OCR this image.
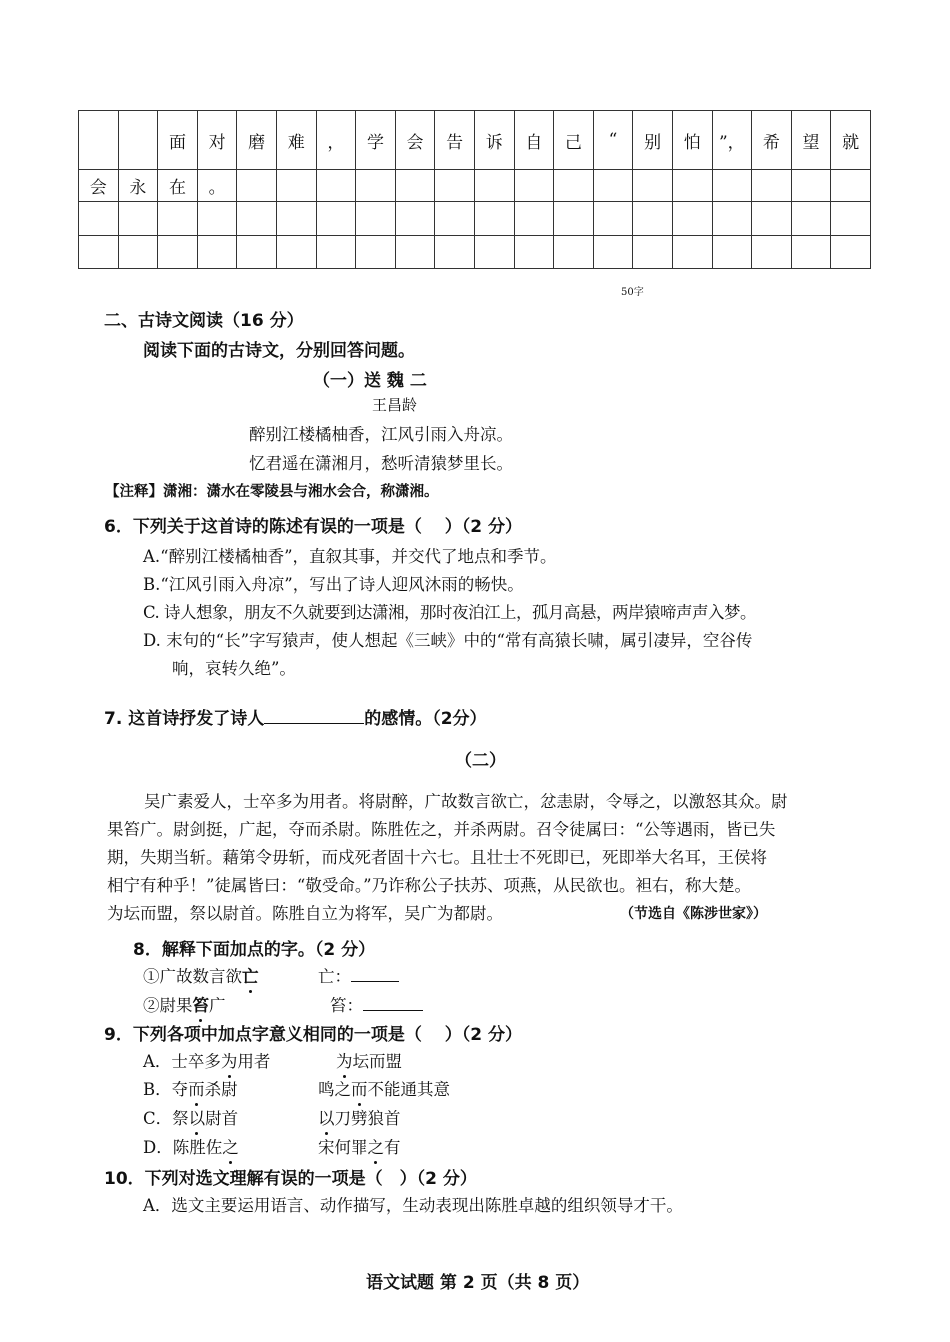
		面	对	磨	难	，	学	会	告	诉	自	己	“	别	怕	”，	希	望	就
会	永	在	。																

50字
二、古诗文阅读（16 分）
阅读下面的古诗文，分别回答问题。
（一）送 魏 二
王昌龄
醉别江楼橘柚香，江风引雨入舟凉。
忆君遥在潇湘月，愁听清猿梦里长。
【注释】潇湘：潇水在零陵县与湘水会合，称潇湘。
6．下列关于这首诗的陈述有误的一项是（　 ）（2 分）
A.“醉别江楼橘柚香”，直叙其事，并交代了地点和季节。
B.“江风引雨入舟凉”，写出了诗人迎风沐雨的畅快。
C. 诗人想象，朋友不久就要到达潇湘，那时夜泊江上，孤月高悬，两岸猿啼声声入梦。
D. 末句的“长”字写猿声，使人想起《三峡》中的“常有高猿长啸，属引凄异，空谷传
响，哀转久绝”。
7. 这首诗抒发了诗人	的感情。（2分）
（二）
吴广素爱人，士卒多为用者。将尉醉，广故数言欲亡，忿恚尉，令辱之，以激怒其众。尉
果笞广。尉剑挺，广起，夺而杀尉。陈胜佐之，并杀两尉。召令徒属曰：“公等遇雨，皆已失
期，失期当斩。藉第令毋斩，而戍死者固十六七。且壮士不死即已，死即举大名耳，王侯将
相宁有种乎！”徒属皆曰：“敬受命。”乃诈称公子扶苏、项燕，从民欲也。袒右，称大楚。
为坛而盟，祭以尉首。陈胜自立为将军，吴广为都尉。	（节选自《陈涉世家》）
8．解释下面加点的字。（2 分）
①广故数言欲亡	亡：
②尉果笞广	笞：
9．下列各项中加点字意义相同的一项是（　 ）（2 分）
A．士卒多为用者	为坛而盟
B．夺而杀尉	鸣之而不能通其意
C．祭以尉首	以刀劈狼首
D．陈胜佐之	宋何罪之有
10．下列对选文理解有误的一项是（　）（2 分）
A．选文主要运用语言、动作描写，生动表现出陈胜卓越的组织领导才干。
语文试题 第 2 页（共 8 页）
